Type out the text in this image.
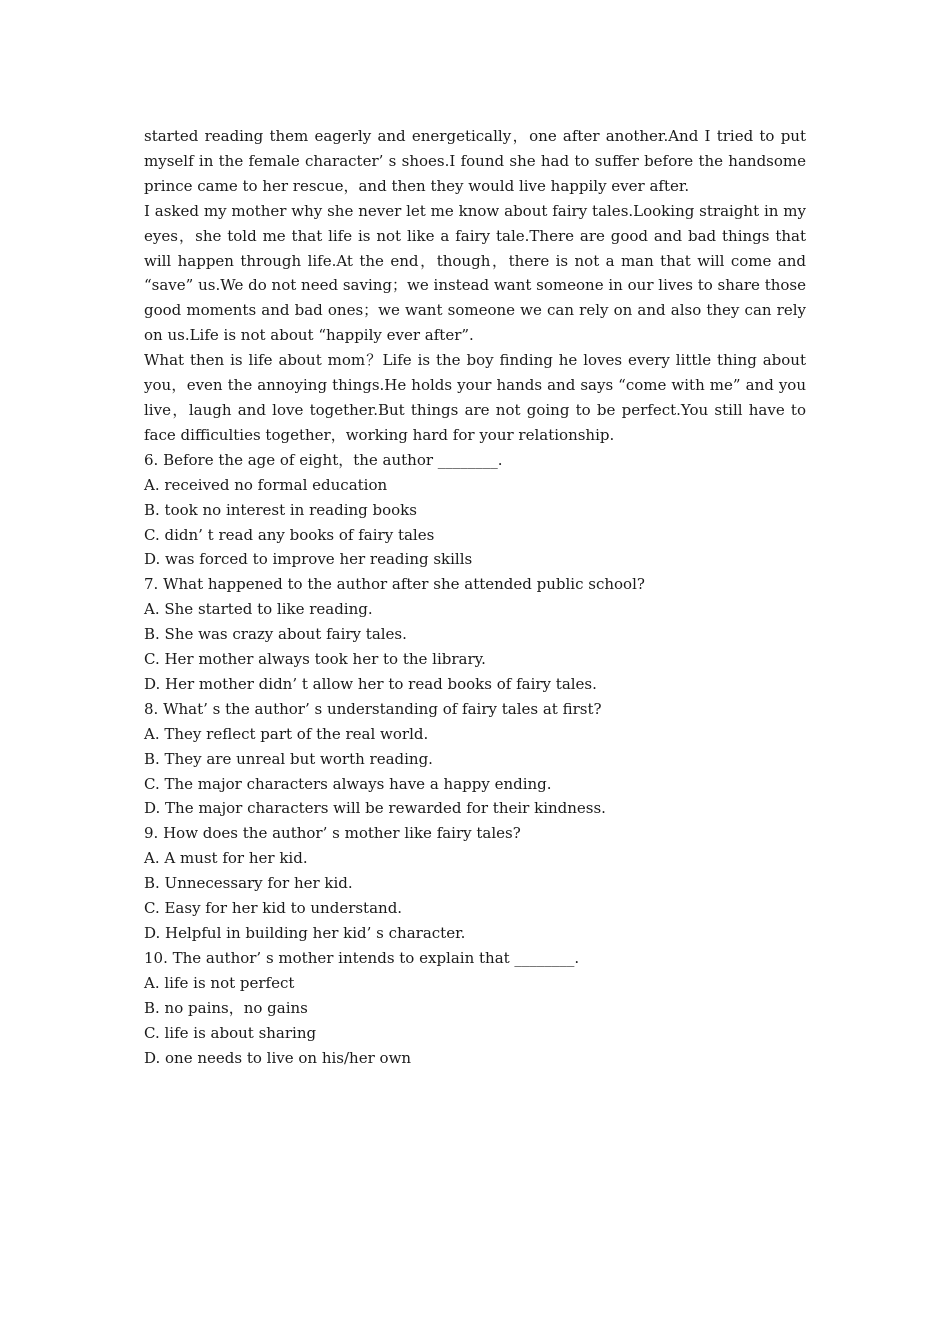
started reading them eagerly and energetically，one after another.And I tried to put myself in the female character’ s shoes.I found she had to suffer before the handsome prince came to her rescue，and then they would live happily ever after.

I asked my mother why she never let me know about fairy tales.Looking straight in my eyes，she told me that life is not like a fairy tale.There are good and bad things that will happen through life.At the end，though，there is not a man that will come and “save” us.We do not need saving；we instead want someone in our lives to share those good moments and bad ones；we want someone we can rely on and also they can rely on us.Life is not about “happily ever after”.

What then is life about mom？Life is the boy finding he loves every little thing about you，even the annoying things.He holds your hands and says “come with me” and you live，laugh and love together.But things are not going to be perfect.You still have to face difficulties together，working hard for your relationship.

6. Before the age of eight，the author ________.

A. received no formal education

B. took no interest in reading books

C. didn’ t read any books of fairy tales

D. was forced to improve her reading skills

7. What happened to the author after she attended public school?

A. She started to like reading.

B. She was crazy about fairy tales.

C. Her mother always took her to the library.

D. Her mother didn’ t allow her to read books of fairy tales.

8. What’ s the author’ s understanding of fairy tales at first?

A. They reflect part of the real world.

B. They are unreal but worth reading.

C. The major characters always have a happy ending.

D. The major characters will be rewarded for their kindness.

9. How does the author’ s mother like fairy tales?

A. A must for her kid.

B. Unnecessary for her kid.

C. Easy for her kid to understand.

D. Helpful in building her kid’ s character.

10. The author’ s mother intends to explain that ________.

A. life is not perfect

B. no pains，no gains

C. life is about sharing

D. one needs to live on his/her own
